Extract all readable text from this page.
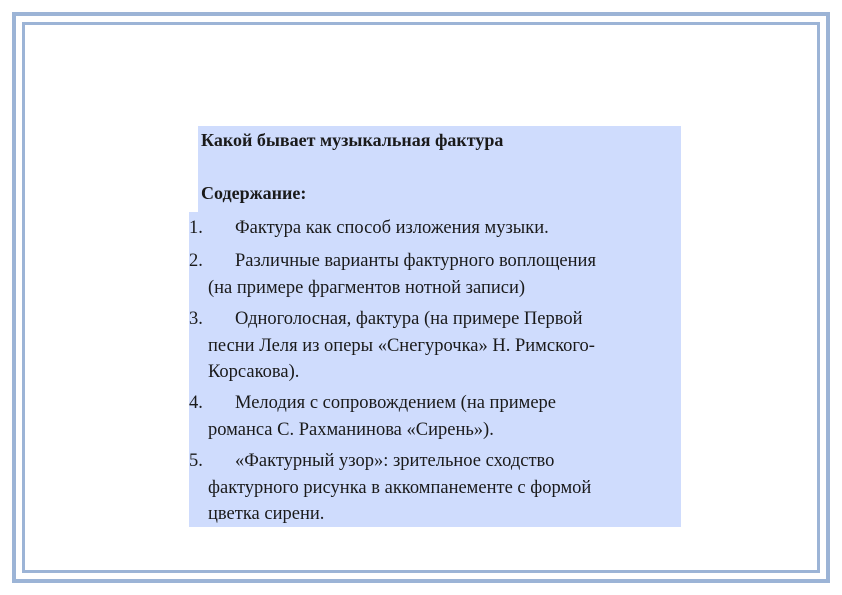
Какой бывает музыкальная фактура
Содержание:
1.	Фактура как способ изложения музыки.
2.	Различные варианты фактурного воплощения
(на примере фрагментов нотной записи)
3.	Одноголосная, фактура (на примере Первой
песни Леля из оперы «Снегурочка» Н. Римского-
Корсакова).
4.	Мелодия с сопровождением (на примере
романса С. Рахманинова «Сирень»).
5.	«Фактурный узор»: зрительное сходство
фактурного рисунка в аккомпанементе с формой
цветка сирени.
